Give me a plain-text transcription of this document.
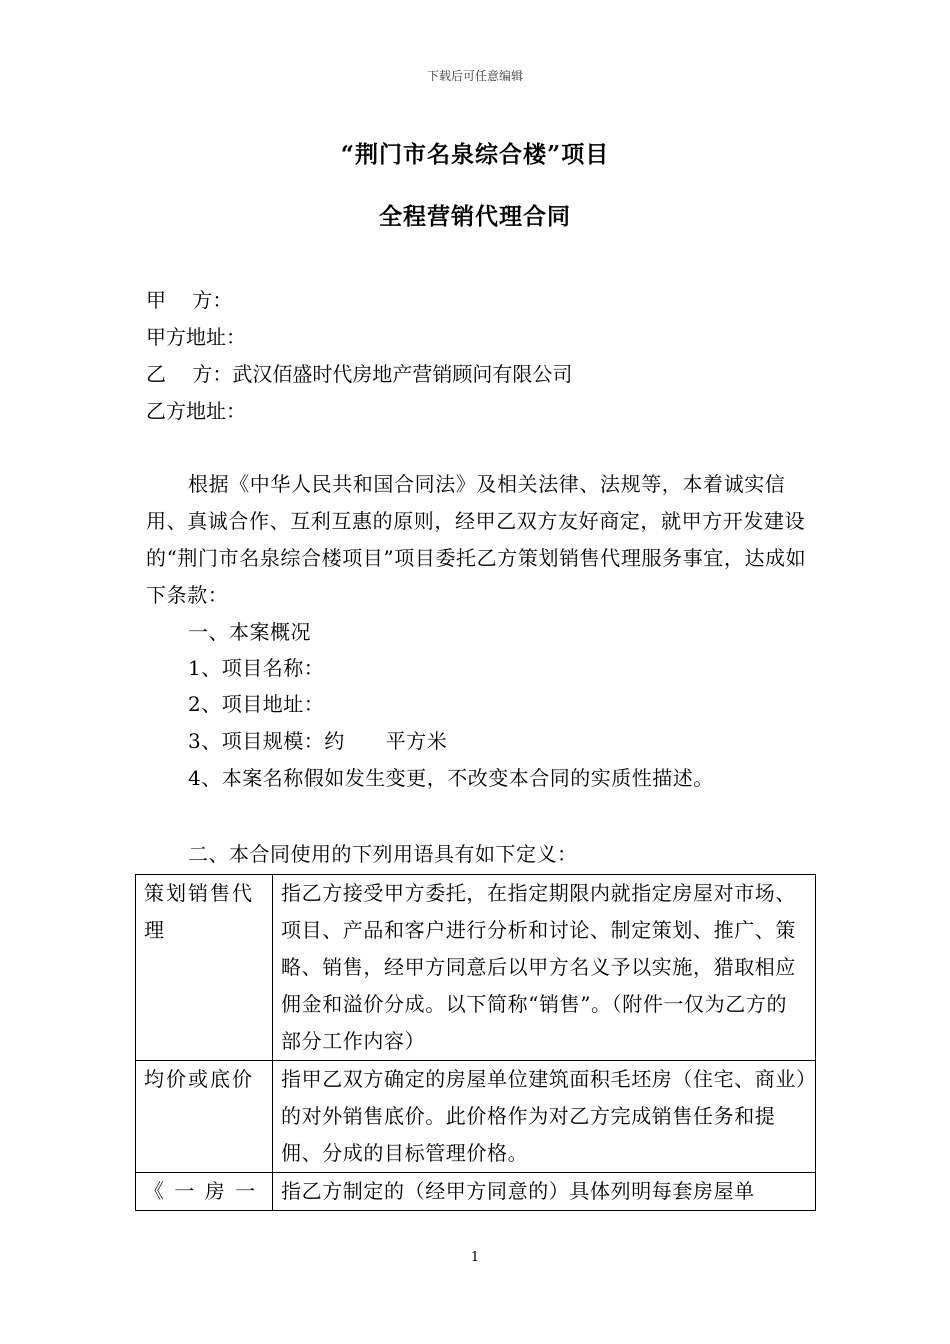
下载后可任意编辑
“荆门市名泉综合楼”项目
全程营销代理合同
甲　 方：
甲方地址：
乙　 方：武汉佰盛时代房地产营销顾问有限公司
乙方地址：
根据《中华人民共和国合同法》及相关法律、法规等，本着诚实信用、真诚合作、互利互惠的原则，经甲乙双方友好商定，就甲方开发建设的“荆门市名泉综合楼项目”项目委托乙方策划销售代理服务事宜，达成如下条款：
一、本案概况
1、项目名称：
2、项目地址：
3、项目规模：约　　平方米
4、本案名称假如发生变更，不改变本合同的实质性描述。
二、本合同使用的下列用语具有如下定义：
策划销售代理	指乙方接受甲方委托，在指定期限内就指定房屋对市场、项目、产品和客户进行分析和讨论、制定策划、推广、策略、销售，经甲方同意后以甲方名义予以实施，猎取相应佣金和溢价分成。以下简称“销售”。（附件一仅为乙方的部分工作内容）
均价或底价	指甲乙双方确定的房屋单位建筑面积毛坯房（住宅、商业）的对外销售底价。此价格作为对乙方完成销售任务和提佣、分成的目标管理价格。
《 一 房 一	指乙方制定的（经甲方同意的）具体列明每套房屋单
1
